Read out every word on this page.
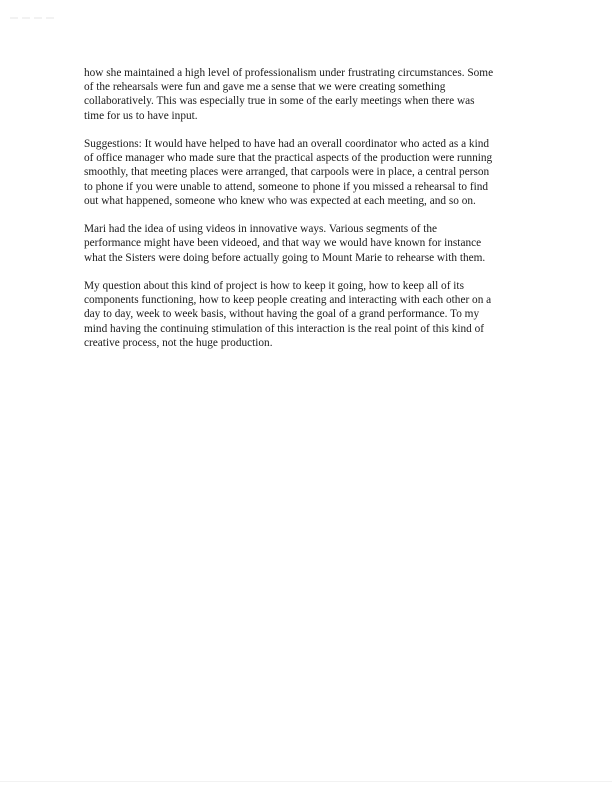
how she maintained a high level of professionalism under frustrating circumstances. Some
of the rehearsals were fun and gave me a sense that we were creating something
collaboratively. This was especially true in some of the early meetings when there was
time for us to have input.

Suggestions: It would have helped to have had an overall coordinator who acted as a kind
of office manager who made sure that the practical aspects of the production were running
smoothly, that meeting places were arranged, that carpools were in place, a central person
to phone if you were unable to attend, someone to phone if you missed a rehearsal to find
out what happened, someone who knew who was expected at each meeting, and so on.

Mari had the idea of using videos in innovative ways. Various segments of the
performance might have been videoed, and that way we would have known for instance
what the Sisters were doing before actually going to Mount Marie to rehearse with them.

My question about this kind of project is how to keep it going, how to keep all of its
components functioning, how to keep people creating and interacting with each other on a
day to day, week to week basis, without having the goal of a grand performance. To my
mind having the continuing stimulation of this interaction is the real point of this kind of
creative process, not the huge production.
